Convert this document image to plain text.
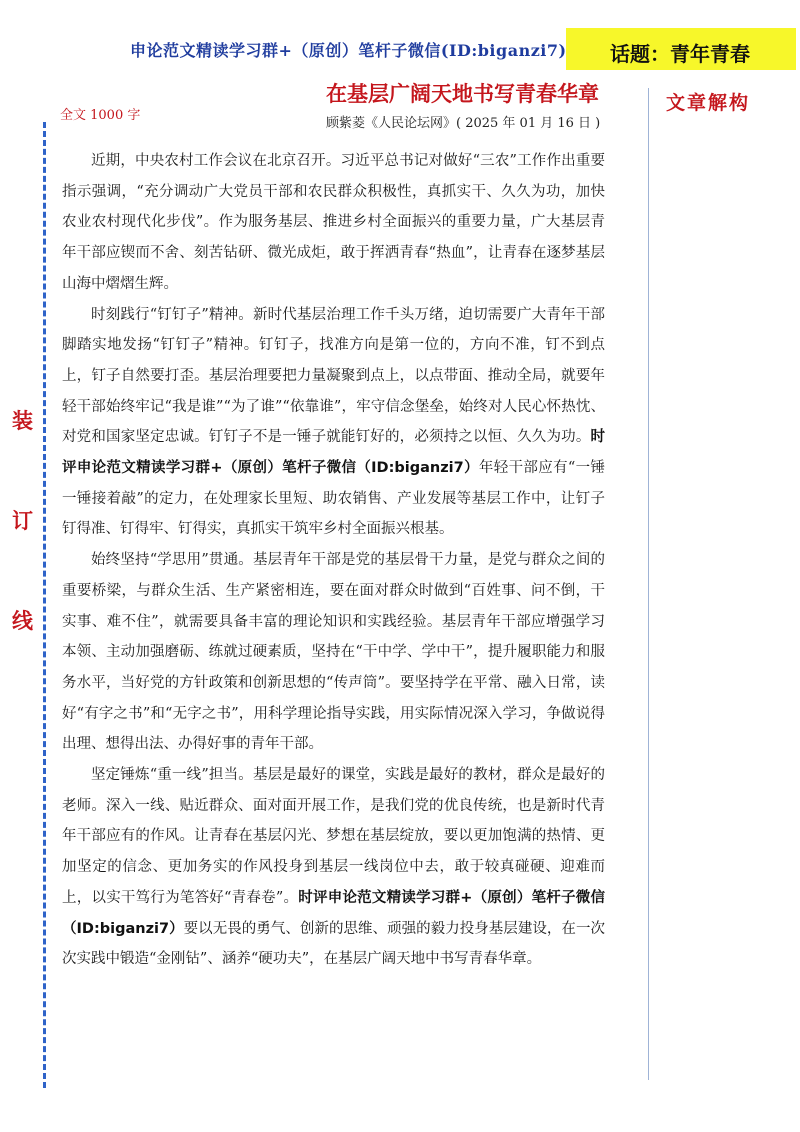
申论范文精读学习群+（原创）笔杆子微信(ID:biganzi7) 话题：青年青春
在基层广阔天地书写青春华章
顾紫菱《人民论坛网》( 2025 年 01 月 16 日 )
全文 1000 字
文章解构
装
订
线

近期，中央农村工作会议在北京召开。习近平总书记对做好“三农”工作作出重要指示强调，“充分调动广大党员干部和农民群众积极性，真抓实干、久久为功，加快农业农村现代化步伐”。作为服务基层、推进乡村全面振兴的重要力量，广大基层青年干部应锲而不舍、刻苦钻研、微光成炬，敢于挥洒青春“热血”，让青春在逐梦基层山海中熠熠生辉。

时刻践行“钉钉子”精神。新时代基层治理工作千头万绪，迫切需要广大青年干部脚踏实地发扬“钉钉子”精神。钉钉子，找准方向是第一位的，方向不准，钉不到点上，钉子自然要打歪。基层治理要把力量凝聚到点上，以点带面、推动全局，就要年轻干部始终牢记“我是谁”“为了谁”“依靠谁”，牢守信念堡垒，始终对人民心怀热忱、对党和国家坚定忠诚。钉钉子不是一锤子就能钉好的，必须持之以恒、久久为功。时评申论范文精读学习群+（原创）笔杆子微信（ID:biganzi7）年轻干部应有“一锤一锤接着敲”的定力，在处理家长里短、助农销售、产业发展等基层工作中，让钉子钉得准、钉得牢、钉得实，真抓实干筑牢乡村全面振兴根基。

始终坚持“学思用”贯通。基层青年干部是党的基层骨干力量，是党与群众之间的重要桥梁，与群众生活、生产紧密相连，要在面对群众时做到“百姓事、问不倒，干实事、难不住”，就需要具备丰富的理论知识和实践经验。基层青年干部应增强学习本领、主动加强磨砺、练就过硬素质，坚持在“干中学、学中干”，提升履职能力和服务水平，当好党的方针政策和创新思想的“传声筒”。要坚持学在平常、融入日常，读好“有字之书”和“无字之书”，用科学理论指导实践，用实际情况深入学习，争做说得出理、想得出法、办得好事的青年干部。

坚定锤炼“重一线”担当。基层是最好的课堂，实践是最好的教材，群众是最好的老师。深入一线、贴近群众、面对面开展工作，是我们党的优良传统，也是新时代青年干部应有的作风。让青春在基层闪光、梦想在基层绽放，要以更加饱满的热情、更加坚定的信念、更加务实的作风投身到基层一线岗位中去，敢于较真碰硬、迎难而上，以实干笃行为笔答好“青春卷”。时评申论范文精读学习群+（原创）笔杆子微信（ID:biganzi7）要以无畏的勇气、创新的思维、顽强的毅力投身基层建设，在一次次实践中锻造“金刚钻”、涵养“硬功夫”，在基层广阔天地中书写青春华章。
